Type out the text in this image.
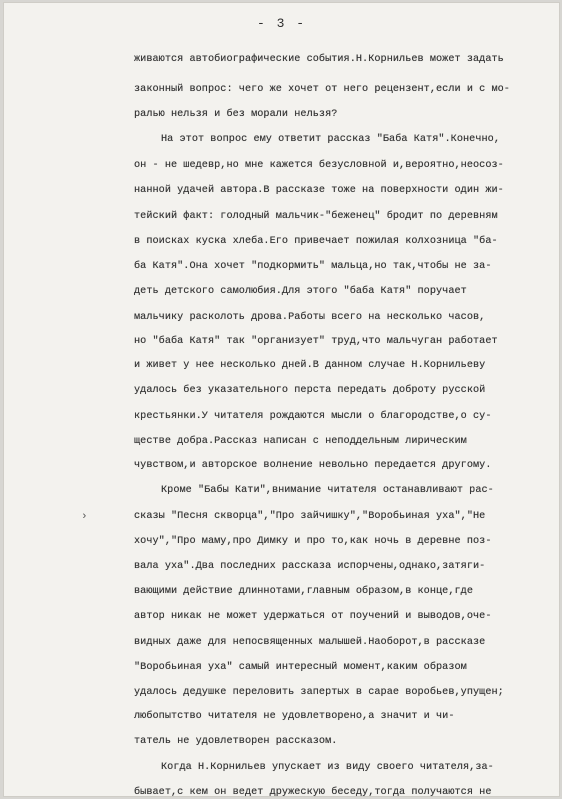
- 3 -
›
живаются автобиографические события.Н.Корнильев может задать
законный вопрос: чего же хочет от него рецензент,если и с мо-
ралью нельзя и без морали нельзя?
На этот вопрос ему ответит рассказ "Баба Катя".Конечно,
он - не шедевр,но мне кажется безусловной и,вероятно,неосоз-
нанной удачей автора.В рассказе тоже на поверхности один жи-
тейский факт: голодный мальчик-"беженец" бродит по деревням
в поисках куска хлеба.Его привечает пожилая колхозница "ба-
ба Катя".Она хочет "подкормить" мальца,но так,чтобы не за-
деть детского самолюбия.Для этого "баба Катя" поручает
мальчику расколоть дрова.Работы всего на несколько часов,
но "баба Катя" так "организует" труд,что мальчуган работает
и живет у нее несколько дней.В данном случае Н.Корнильеву
удалось без указательного перста передать доброту русской
крестьянки.У читателя рождаются мысли о благородстве,о су-
ществе добра.Рассказ написан с неподдельным лирическим
чувством,и авторское волнение невольно передается другому.
Кроме "Бабы Кати",внимание читателя останавливают рас-
сказы "Песня скворца","Про зайчишку","Воробьиная уха","Не
хочу","Про маму,про Димку и про то,как ночь в деревне поз-
вала уха".Два последних рассказа испорчены,однако,затяги-
вающими действие длиннотами,главным образом,в конце,где
автор никак не может удержаться от поучений и выводов,оче-
видных даже для непосвященных малышей.Наоборот,в рассказе
"Воробьиная уха" самый интересный момент,каким образом
удалось дедушке переловить запертых в сарае воробьев,упущен;
любопытство читателя не удовлетворено,а значит и чи-
татель не удовлетворен рассказом.
Когда Н.Корнильев упускает из виду своего читателя,за-
бывает,с кем он ведет дружескую беседу,тогда получаются не
